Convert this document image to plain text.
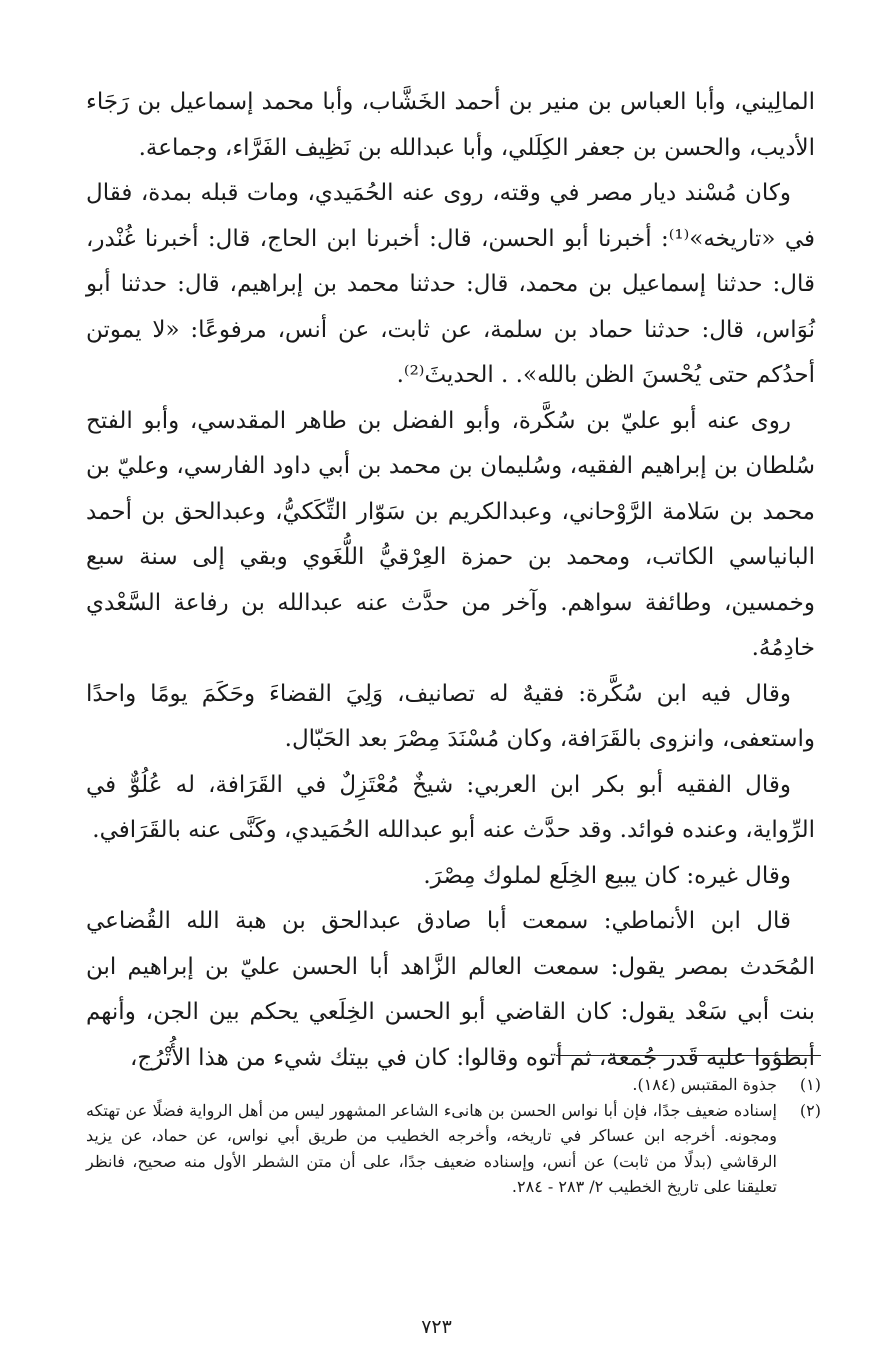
المالِيني، وأبا العباس بن منير بن أحمد الخَشَّاب، وأبا محمد إسماعيل بن رَجَاء الأديب، والحسن بن جعفر الكِلَلي، وأبا عبدالله بن نَظِيف الفَرَّاء، وجماعة.

وكان مُسْند ديار مصر في وقته، روى عنه الحُمَيدي، ومات قبله بمدة، فقال في «تاريخه»⁽¹⁾: أخبرنا أبو الحسن، قال: أخبرنا ابن الحاج، قال: أخبرنا غُنْدر، قال: حدثنا إسماعيل بن محمد، قال: حدثنا محمد بن إبراهيم، قال: حدثنا أبو نُوَاس، قال: حدثنا حماد بن سلمة، عن ثابت، عن أنس، مرفوعًا: «لا يموتن أحدُكم حتى يُحْسنَ الظن بالله». . الحديثَ⁽²⁾.

روى عنه أبو عليّ بن سُكَّرة، وأبو الفضل بن طاهر المقدسي، وأبو الفتح سُلطان بن إبراهيم الفقيه، وسُليمان بن محمد بن أبي داود الفارسي، وعليّ بن محمد بن سَلامة الرَّوْحاني، وعبدالكريم بن سَوّار التِّكَكيُّ، وعبدالحق بن أحمد البانياسي الكاتب، ومحمد بن حمزة العِرْقيُّ اللُّغَوي وبقي إلى سنة سبع وخمسين، وطائفة سواهم. وآخر من حدَّث عنه عبدالله بن رفاعة السَّعْدي خادِمُهُ.

وقال فيه ابن سُكَّرة: فقيهٌ له تصانيف، وَلِيَ القضاءَ وحَكَمَ يومًا واحدًا واستعفى، وانزوى بالقَرَافة، وكان مُسْنَدَ مِصْرَ بعد الحَبّال.

وقال الفقيه أبو بكر ابن العربي: شيخٌ مُعْتَزِلٌ في القَرَافة، له عُلُوٌّ في الرِّواية، وعنده فوائد. وقد حدَّث عنه أبو عبدالله الحُمَيدي، وكَنَّى عنه بالقَرَافي.

وقال غيره: كان يبيع الخِلَع لملوك مِصْرَ.

قال ابن الأنماطي: سمعت أبا صادق عبدالحق بن هبة الله القُضاعي المُحَدث بمصر يقول: سمعت العالم الزَّاهد أبا الحسن عليّ بن إبراهيم ابن بنت أبي سَعْد يقول: كان القاضي أبو الحسن الخِلَعي يحكم بين الجن، وأنهم أبطؤوا عليه قَدر جُمعة، ثم أتوه وقالوا: كان في بيتك شيء من هذا الأُتْرُج،

(١)
جذوة المقتبس (١٨٤).
(٢)
إسناده ضعيف جدًا، فإن أبا نواس الحسن بن هانىء الشاعر المشهور ليس من أهل الرواية فضلًا عن تهتكه ومجونه. أخرجه ابن عساكر في تاريخه، وأخرجه الخطيب من طريق أبي نواس، عن حماد، عن يزيد الرقاشي (بدلًا من ثابت) عن أنس، وإسناده ضعيف جدًا، على أن متن الشطر الأول منه صحيح، فانظر تعليقنا على تاريخ الخطيب ٢/ ٢٨٣ - ٢٨٤.
٧٢٣
